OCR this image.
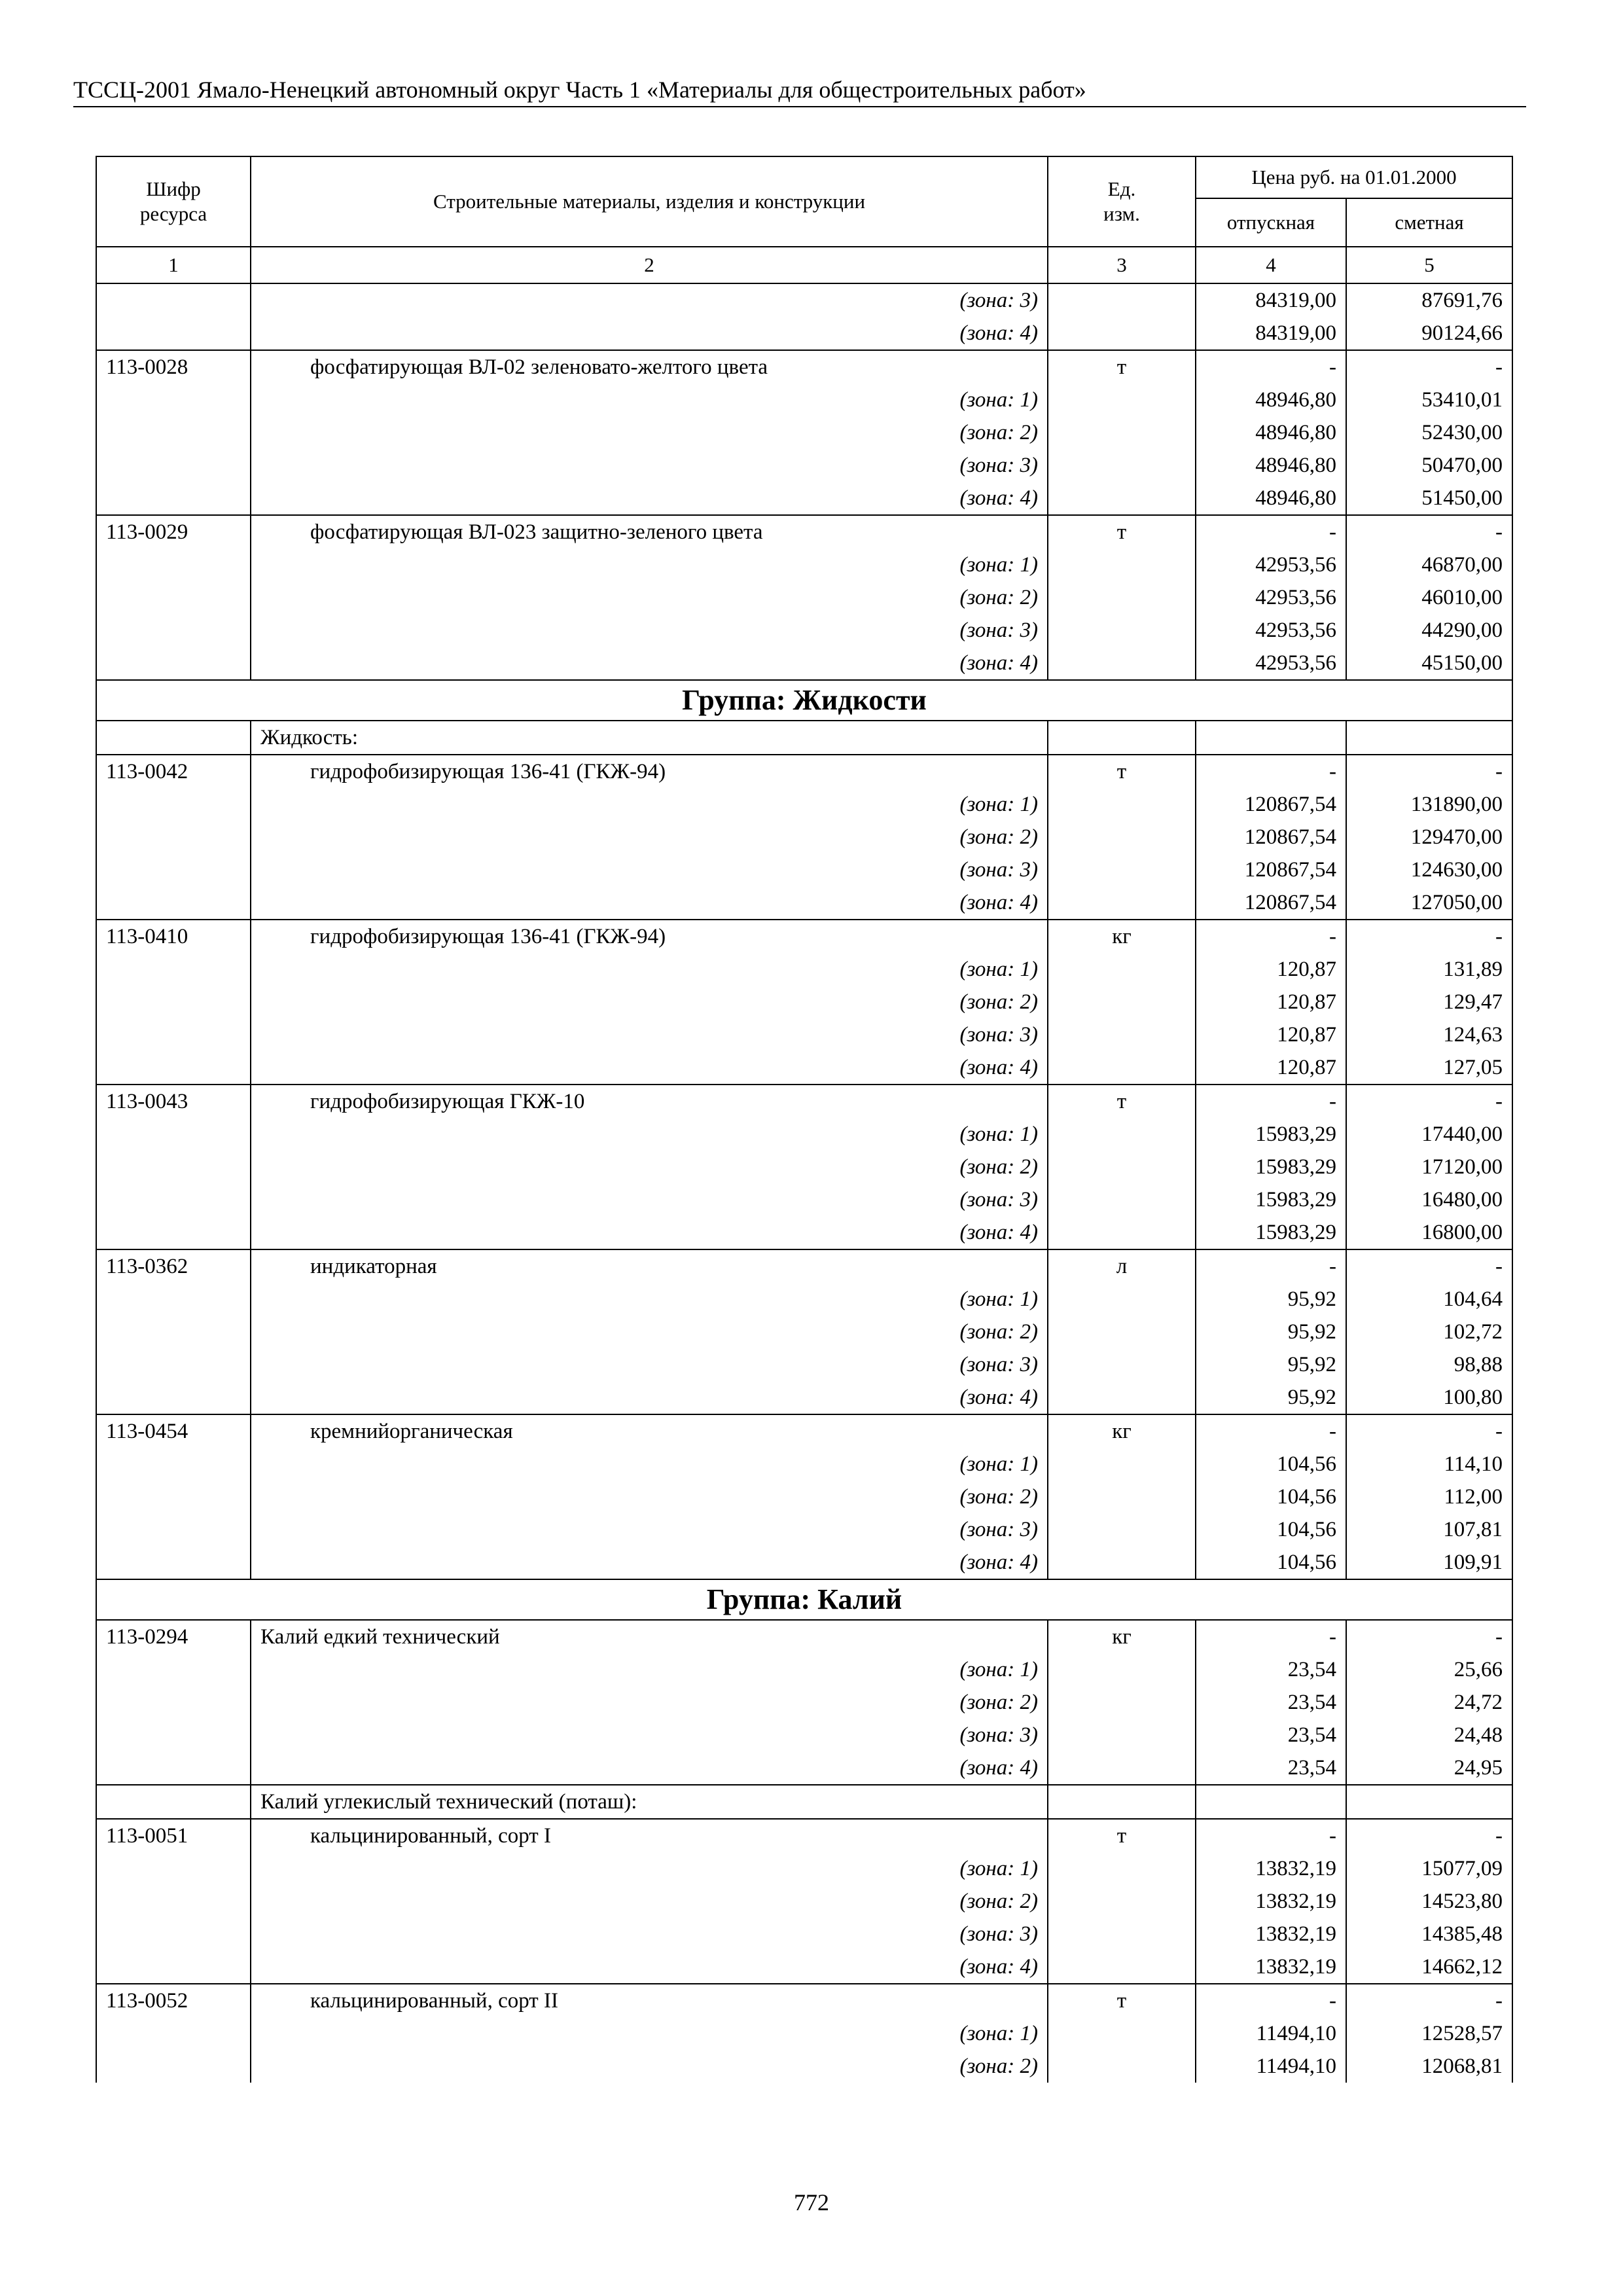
ТССЦ-2001 Ямало-Ненецкий автономный округ Часть 1 «Материалы для общестроительных работ»
Шифр
ресурса	Строительные материалы, изделия и конструкции	Ед.
изм.	Цена руб. на 01.01.2000	
			отпускная	сметная
1	2	3	4	5
	(зона: 3)		84319,00	87691,76
	(зона: 4)		84319,00	90124,66
113-0028	фосфатирующая ВЛ-02 зеленовато-желтого цвета	т	-	-
	(зона: 1)		48946,80	53410,01
	(зона: 2)		48946,80	52430,00
	(зона: 3)		48946,80	50470,00
	(зона: 4)		48946,80	51450,00
113-0029	фосфатирующая ВЛ-023 защитно-зеленого цвета	т	-	-
	(зона: 1)		42953,56	46870,00
	(зона: 2)		42953,56	46010,00
	(зона: 3)		42953,56	44290,00
	(зона: 4)		42953,56	45150,00
Группа: Жидкости				
	Жидкость:			
113-0042	гидрофобизирующая 136-41 (ГКЖ-94)	т	-	-
	(зона: 1)		120867,54	131890,00
	(зона: 2)		120867,54	129470,00
	(зона: 3)		120867,54	124630,00
	(зона: 4)		120867,54	127050,00
113-0410	гидрофобизирующая 136-41 (ГКЖ-94)	кг	-	-
	(зона: 1)		120,87	131,89
	(зона: 2)		120,87	129,47
	(зона: 3)		120,87	124,63
	(зона: 4)		120,87	127,05
113-0043	гидрофобизирующая ГКЖ-10	т	-	-
	(зона: 1)		15983,29	17440,00
	(зона: 2)		15983,29	17120,00
	(зона: 3)		15983,29	16480,00
	(зона: 4)		15983,29	16800,00
113-0362	индикаторная	л	-	-
	(зона: 1)		95,92	104,64
	(зона: 2)		95,92	102,72
	(зона: 3)		95,92	98,88
	(зона: 4)		95,92	100,80
113-0454	кремнийорганическая	кг	-	-
	(зона: 1)		104,56	114,10
	(зона: 2)		104,56	112,00
	(зона: 3)		104,56	107,81
	(зона: 4)		104,56	109,91
Группа: Калий				
113-0294	Калий едкий технический	кг	-	-
	(зона: 1)		23,54	25,66
	(зона: 2)		23,54	24,72
	(зона: 3)		23,54	24,48
	(зона: 4)		23,54	24,95
	Калий углекислый технический (поташ):			
113-0051	кальцинированный, сорт I	т	-	-
	(зона: 1)		13832,19	15077,09
	(зона: 2)		13832,19	14523,80
	(зона: 3)		13832,19	14385,48
	(зона: 4)		13832,19	14662,12
113-0052	кальцинированный, сорт II	т	-	-
	(зона: 1)		11494,10	12528,57
	(зона: 2)		11494,10	12068,81
772
